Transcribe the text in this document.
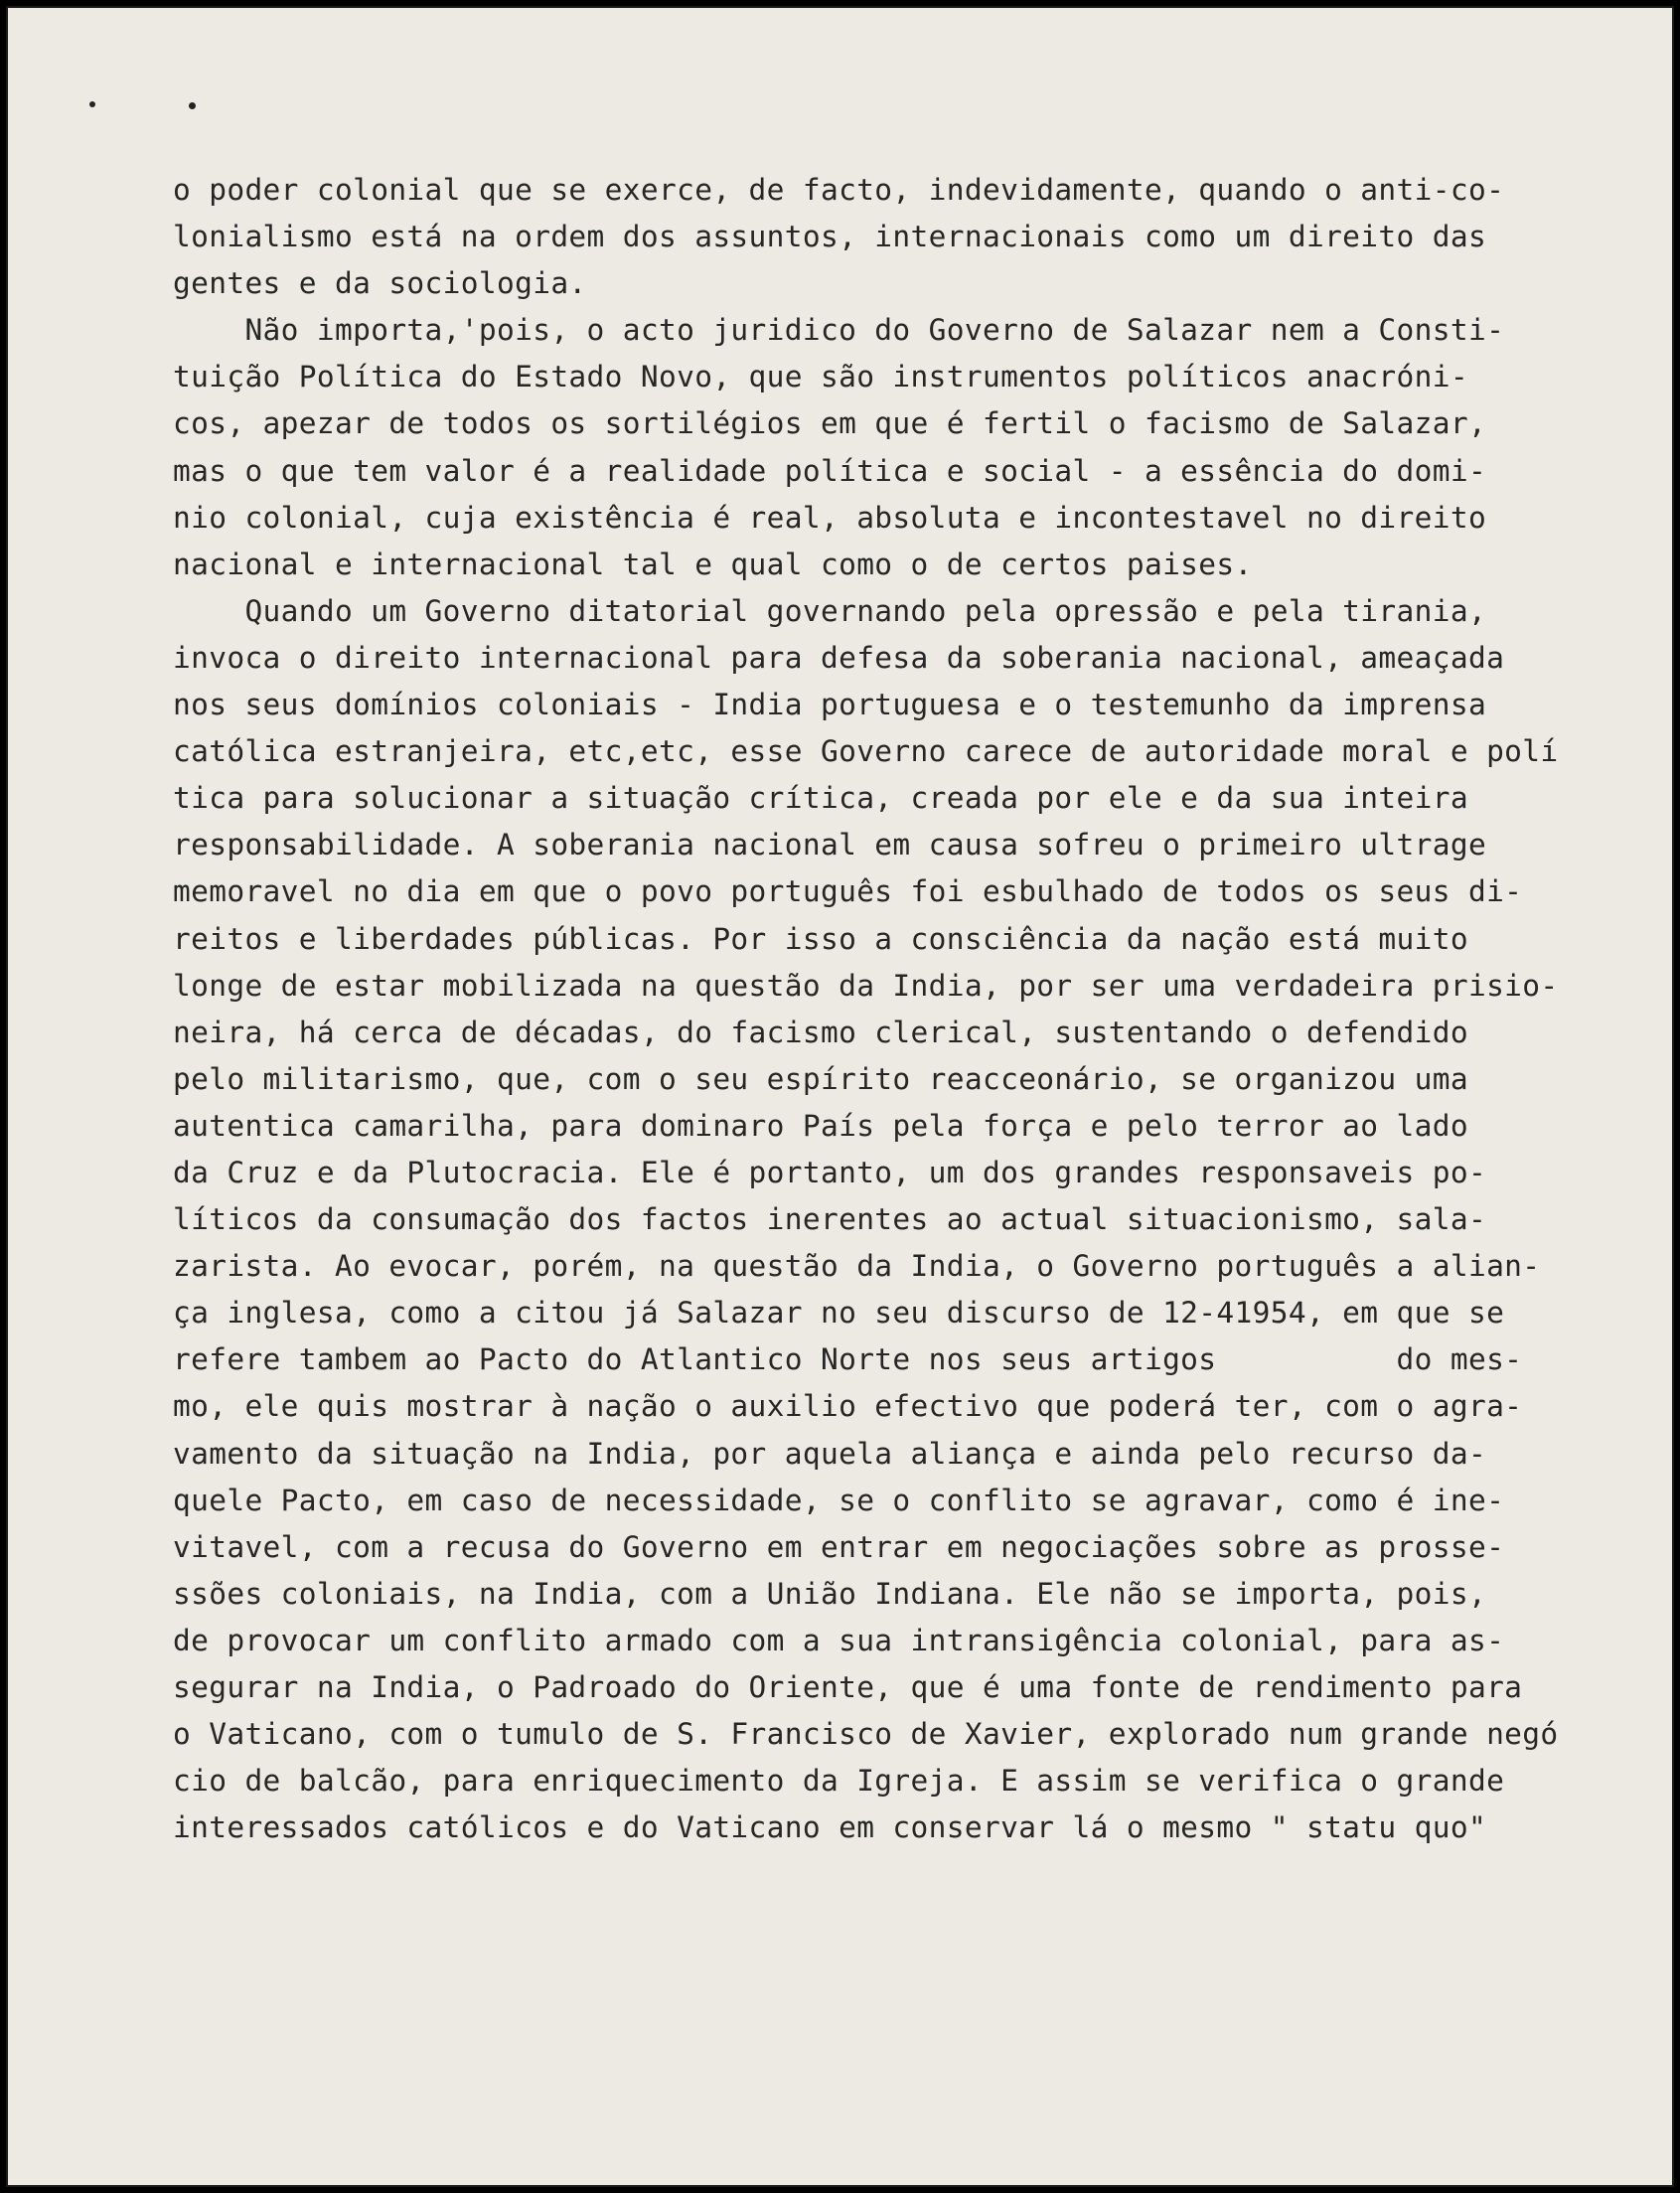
o poder colonial que se exerce, de facto, indevidamente, quando o anti-co-
lonialismo está na ordem dos assuntos, internacionais como um direito das
gentes e da sociologia.
Não importa,'pois, o acto juridico do Governo de Salazar nem a Consti-
tuição Política do Estado Novo, que são instrumentos políticos anacróni-
cos, apezar de todos os sortilégios em que é fertil o facismo de Salazar,
mas o que tem valor é a realidade política e social - a essência do domi-
nio colonial, cuja existência é real, absoluta e incontestavel no direito
nacional e internacional tal e qual como o de certos paises.
Quando um Governo ditatorial governando pela opressão e pela tirania,
invoca o direito internacional para defesa da soberania nacional, ameaçada
nos seus domínios coloniais - India portuguesa e o testemunho da imprensa
católica estranjeira, etc,etc, esse Governo carece de autoridade moral e polí
tica para solucionar a situação crítica, creada por ele e da sua inteira
responsabilidade. A soberania nacional em causa sofreu o primeiro ultrage
memoravel no dia em que o povo português foi esbulhado de todos os seus di-
reitos e liberdades públicas. Por isso a consciência da nação está muito
longe de estar mobilizada na questão da India, por ser uma verdadeira prisio-
neira, há cerca de décadas, do facismo clerical, sustentando o defendido
pelo militarismo, que, com o seu espírito reacceonário, se organizou uma
autentica camarilha, para dominaro País pela força e pelo terror ao lado
da Cruz e da Plutocracia. Ele é portanto, um dos grandes responsaveis po-
líticos da consumação dos factos inerentes ao actual situacionismo, sala-
zarista. Ao evocar, porém, na questão da India, o Governo português a alian-
ça inglesa, como a citou já Salazar no seu discurso de 12-41954, em que se
refere tambem ao Pacto do Atlantico Norte nos seus artigos          do mes-
mo, ele quis mostrar à nação o auxilio efectivo que poderá ter, com o agra-
vamento da situação na India, por aquela aliança e ainda pelo recurso da-
quele Pacto, em caso de necessidade, se o conflito se agravar, como é ine-
vitavel, com a recusa do Governo em entrar em negociações sobre as prosse-
ssões coloniais, na India, com a União Indiana. Ele não se importa, pois,
de provocar um conflito armado com a sua intransigência colonial, para as-
segurar na India, o Padroado do Oriente, que é uma fonte de rendimento para
o Vaticano, com o tumulo de S. Francisco de Xavier, explorado num grande negó
cio de balcão, para enriquecimento da Igreja. E assim se verifica o grande
interessados católicos e do Vaticano em conservar lá o mesmo " statu quo"
